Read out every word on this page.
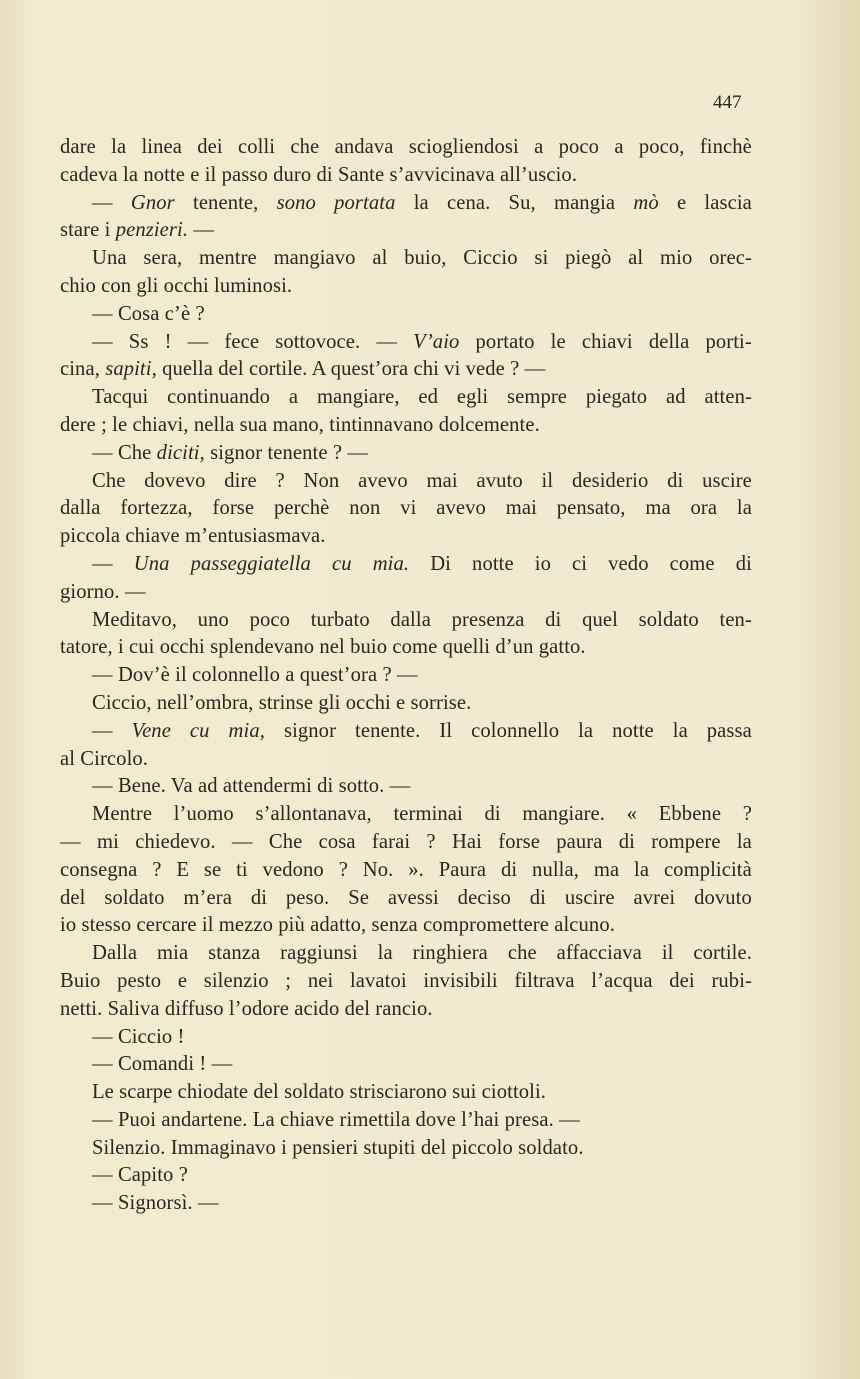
447
dare la linea dei colli che andava sciogliendosi a poco a poco, finchè
cadeva la notte e il passo duro di Sante s’avvicinava all’uscio.
— Gnor tenente, sono portata la cena. Su, mangia mò e lascia
stare i penzieri. —
Una sera, mentre mangiavo al buio, Ciccio si piegò al mio orec-
chio con gli occhi luminosi.
— Cosa c’è ?
— Ss ! — fece sottovoce. — V’aio portato le chiavi della porti-
cina, sapiti, quella del cortile. A quest’ora chi vi vede ? —
Tacqui continuando a mangiare, ed egli sempre piegato ad atten-
dere ; le chiavi, nella sua mano, tintinnavano dolcemente.
— Che diciti, signor tenente ? —
Che dovevo dire ? Non avevo mai avuto il desiderio di uscire
dalla fortezza, forse perchè non vi avevo mai pensato, ma ora la
piccola chiave m’entusiasmava.
— Una passeggiatella cu mia. Di notte io ci vedo come di
giorno. —
Meditavo, uno poco turbato dalla presenza di quel soldato ten-
tatore, i cui occhi splendevano nel buio come quelli d’un gatto.
— Dov’è il colonnello a quest’ora ? —
Ciccio, nell’ombra, strinse gli occhi e sorrise.
— Vene cu mia, signor tenente. Il colonnello la notte la passa
al Circolo.
— Bene. Va ad attendermi di sotto. —
Mentre l’uomo s’allontanava, terminai di mangiare. « Ebbene ?
— mi chiedevo. — Che cosa farai ? Hai forse paura di rompere la
consegna ? E se ti vedono ? No. ». Paura di nulla, ma la complicità
del soldato m’era di peso. Se avessi deciso di uscire avrei dovuto
io stesso cercare il mezzo più adatto, senza compromettere alcuno.
Dalla mia stanza raggiunsi la ringhiera che affacciava il cortile.
Buio pesto e silenzio ; nei lavatoi invisibili filtrava l’acqua dei rubi-
netti. Saliva diffuso l’odore acido del rancio.
— Ciccio !
— Comandi ! —
Le scarpe chiodate del soldato strisciarono sui ciottoli.
— Puoi andartene. La chiave rimettila dove l’hai presa. —
Silenzio. Immaginavo i pensieri stupiti del piccolo soldato.
— Capito ?
— Signorsì. —
